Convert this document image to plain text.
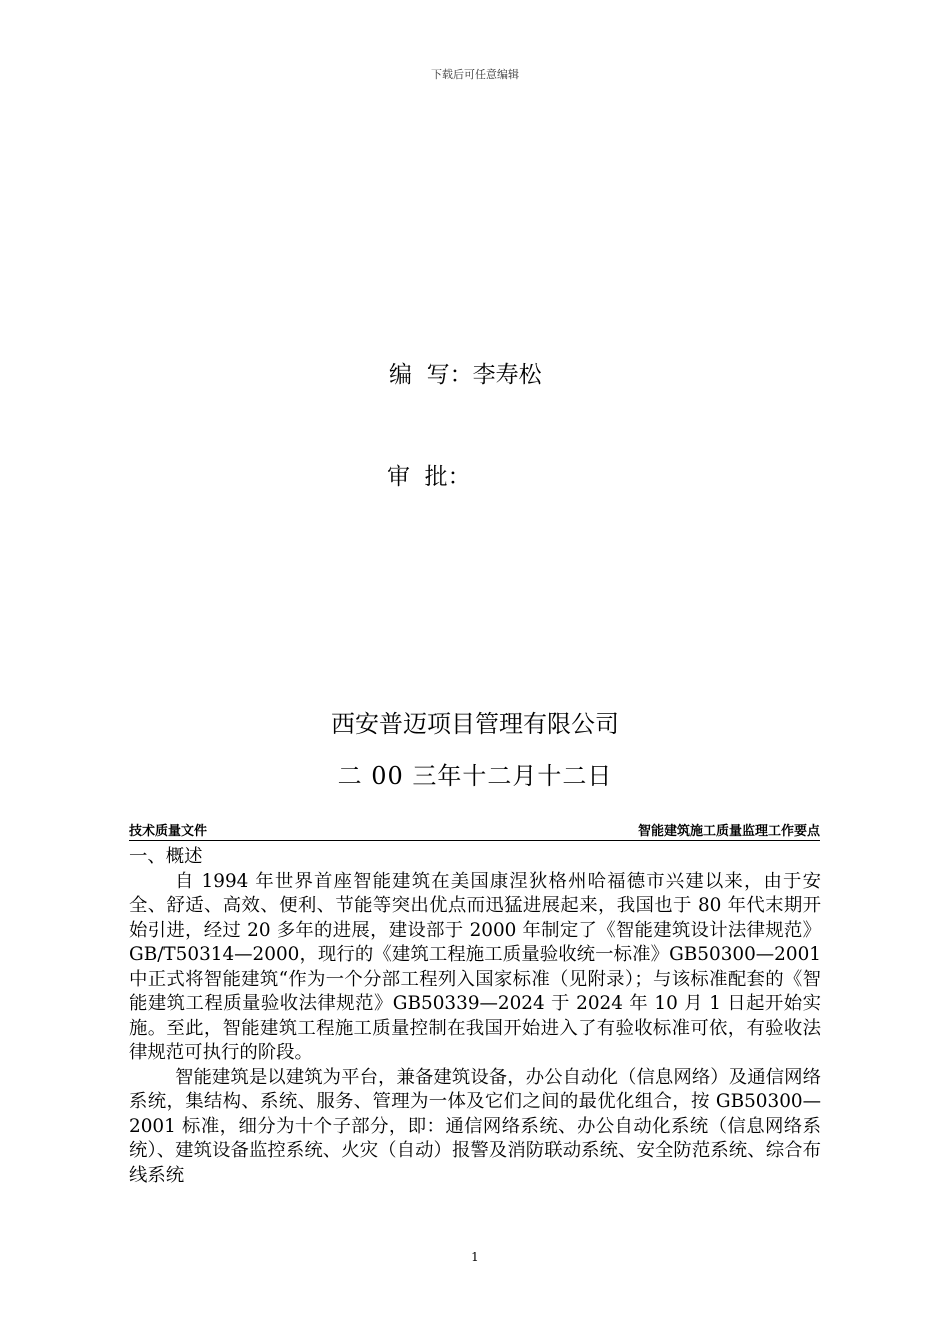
下载后可任意编辑
编  写：李寿松
审  批：
西安普迈项目管理有限公司
二 00 三年十二月十二日
技术质量文件	智能建筑施工质量监理工作要点

一、概述

自 1994 年世界首座智能建筑在美国康涅狄格州哈福德市兴建以来，由于安全、舒适、高效、便利、节能等突出优点而迅猛进展起来，我国也于 80 年代末期开始引进，经过 20 多年的进展，建设部于 2000 年制定了《智能建筑设计法律规范》GB/T50314—2000，现行的《建筑工程施工质量验收统一标准》GB50300—2001 中正式将智能建筑“作为一个分部工程列入国家标准（见附录）；与该标准配套的《智能建筑工程质量验收法律规范》GB50339—2024 于 2024 年 10 月 1 日起开始实施。至此，智能建筑工程施工质量控制在我国开始进入了有验收标准可依，有验收法律规范可执行的阶段。

智能建筑是以建筑为平台，兼备建筑设备，办公自动化（信息网络）及通信网络系统，集结构、系统、服务、管理为一体及它们之间的最优化组合，按 GB50300—2001 标准，细分为十个子部分，即：通信网络系统、办公自动化系统（信息网络系统）、建筑设备监控系统、火灾（自动）报警及消防联动系统、安全防范系统、综合布线系统

1
